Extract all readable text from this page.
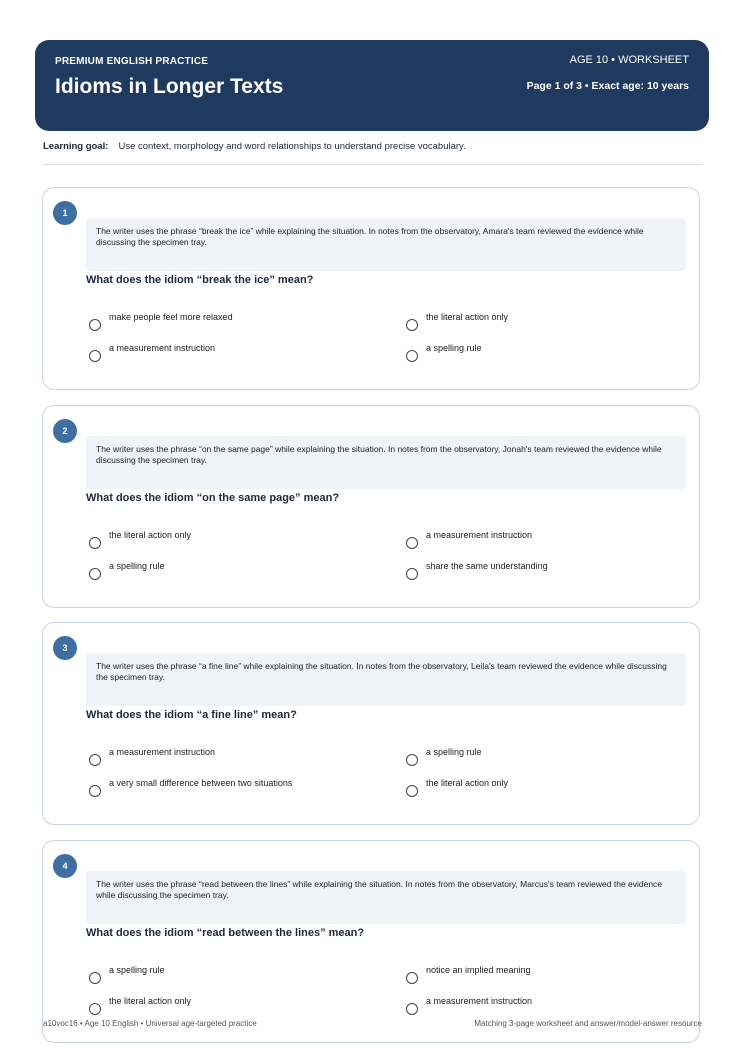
PREMIUM ENGLISH PRACTICE
Idioms in Longer Texts
AGE 10 • WORKSHEET
Page 1 of 3 • Exact age: 10 years
Learning goal: Use context, morphology and word relationships to understand precise vocabulary.
1
The writer uses the phrase “break the ice” while explaining the situation. In notes from the observatory, Amara's team reviewed the evidence while discussing the specimen tray.
What does the idiom “break the ice” mean?
make people feel more relaxed	the literal action only
a measurement instruction	a spelling rule
2
The writer uses the phrase “on the same page” while explaining the situation. In notes from the observatory, Jonah's team reviewed the evidence while discussing the specimen tray.
What does the idiom “on the same page” mean?
the literal action only	a measurement instruction
a spelling rule	share the same understanding
3
The writer uses the phrase “a fine line” while explaining the situation. In notes from the observatory, Leila's team reviewed the evidence while discussing the specimen tray.
What does the idiom “a fine line” mean?
a measurement instruction	a spelling rule
a very small difference between two situations	the literal action only
4
The writer uses the phrase “read between the lines” while explaining the situation. In notes from the observatory, Marcus's team reviewed the evidence while discussing the specimen tray.
What does the idiom “read between the lines” mean?
a spelling rule	notice an implied meaning
the literal action only	a measurement instruction
a10voc16 • Age 10 English • Universal age-targeted practice	Matching 3-page worksheet and answer/model-answer resource
